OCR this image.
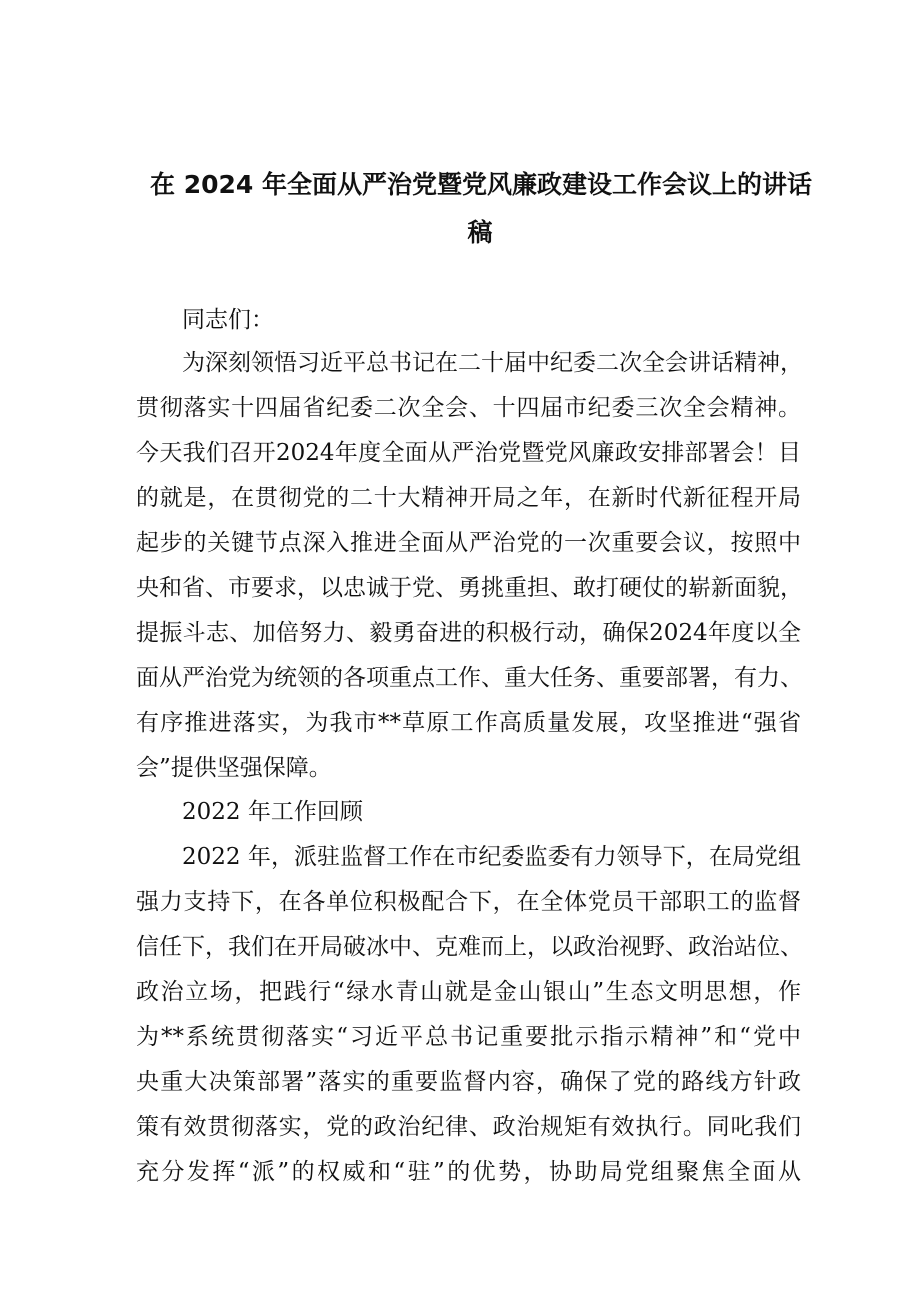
在 2024 年全面从严治党暨党风廉政建设工作会议上的讲话
稿
同志们：
为深刻领悟习近平总书记在二十届中纪委二次全会讲话精神，
贯彻落实十四届省纪委二次全会、十四届市纪委三次全会精神。
今天我们召开2024年度全面从严治党暨党风廉政安排部署会！目
的就是，在贯彻党的二十大精神开局之年，在新时代新征程开局
起步的关键节点深入推进全面从严治党的一次重要会议，按照中
央和省、市要求，以忠诚于党、勇挑重担、敢打硬仗的崭新面貌，
提振斗志、加倍努力、毅勇奋进的积极行动，确保2024年度以全
面从严治党为统领的各项重点工作、重大任务、重要部署，有力、
有序推进落实，为我市**草原工作高质量发展，攻坚推进“强省
会”提供坚强保障。
2022 年工作回顾
2022 年，派驻监督工作在市纪委监委有力领导下，在局党组
强力支持下，在各单位积极配合下，在全体党员干部职工的监督
信任下，我们在开局破冰中、克难而上，以政治视野、政治站位、
政治立场，把践行“绿水青山就是金山银山”生态文明思想，作
为**系统贯彻落实“习近平总书记重要批示指示精神”和“党中
央重大决策部署”落实的重要监督内容，确保了党的路线方针政
策有效贯彻落实，党的政治纪律、政治规矩有效执行。同叱我们
充分发挥“派”的权威和“驻”的优势，协助局党组聚焦全面从
